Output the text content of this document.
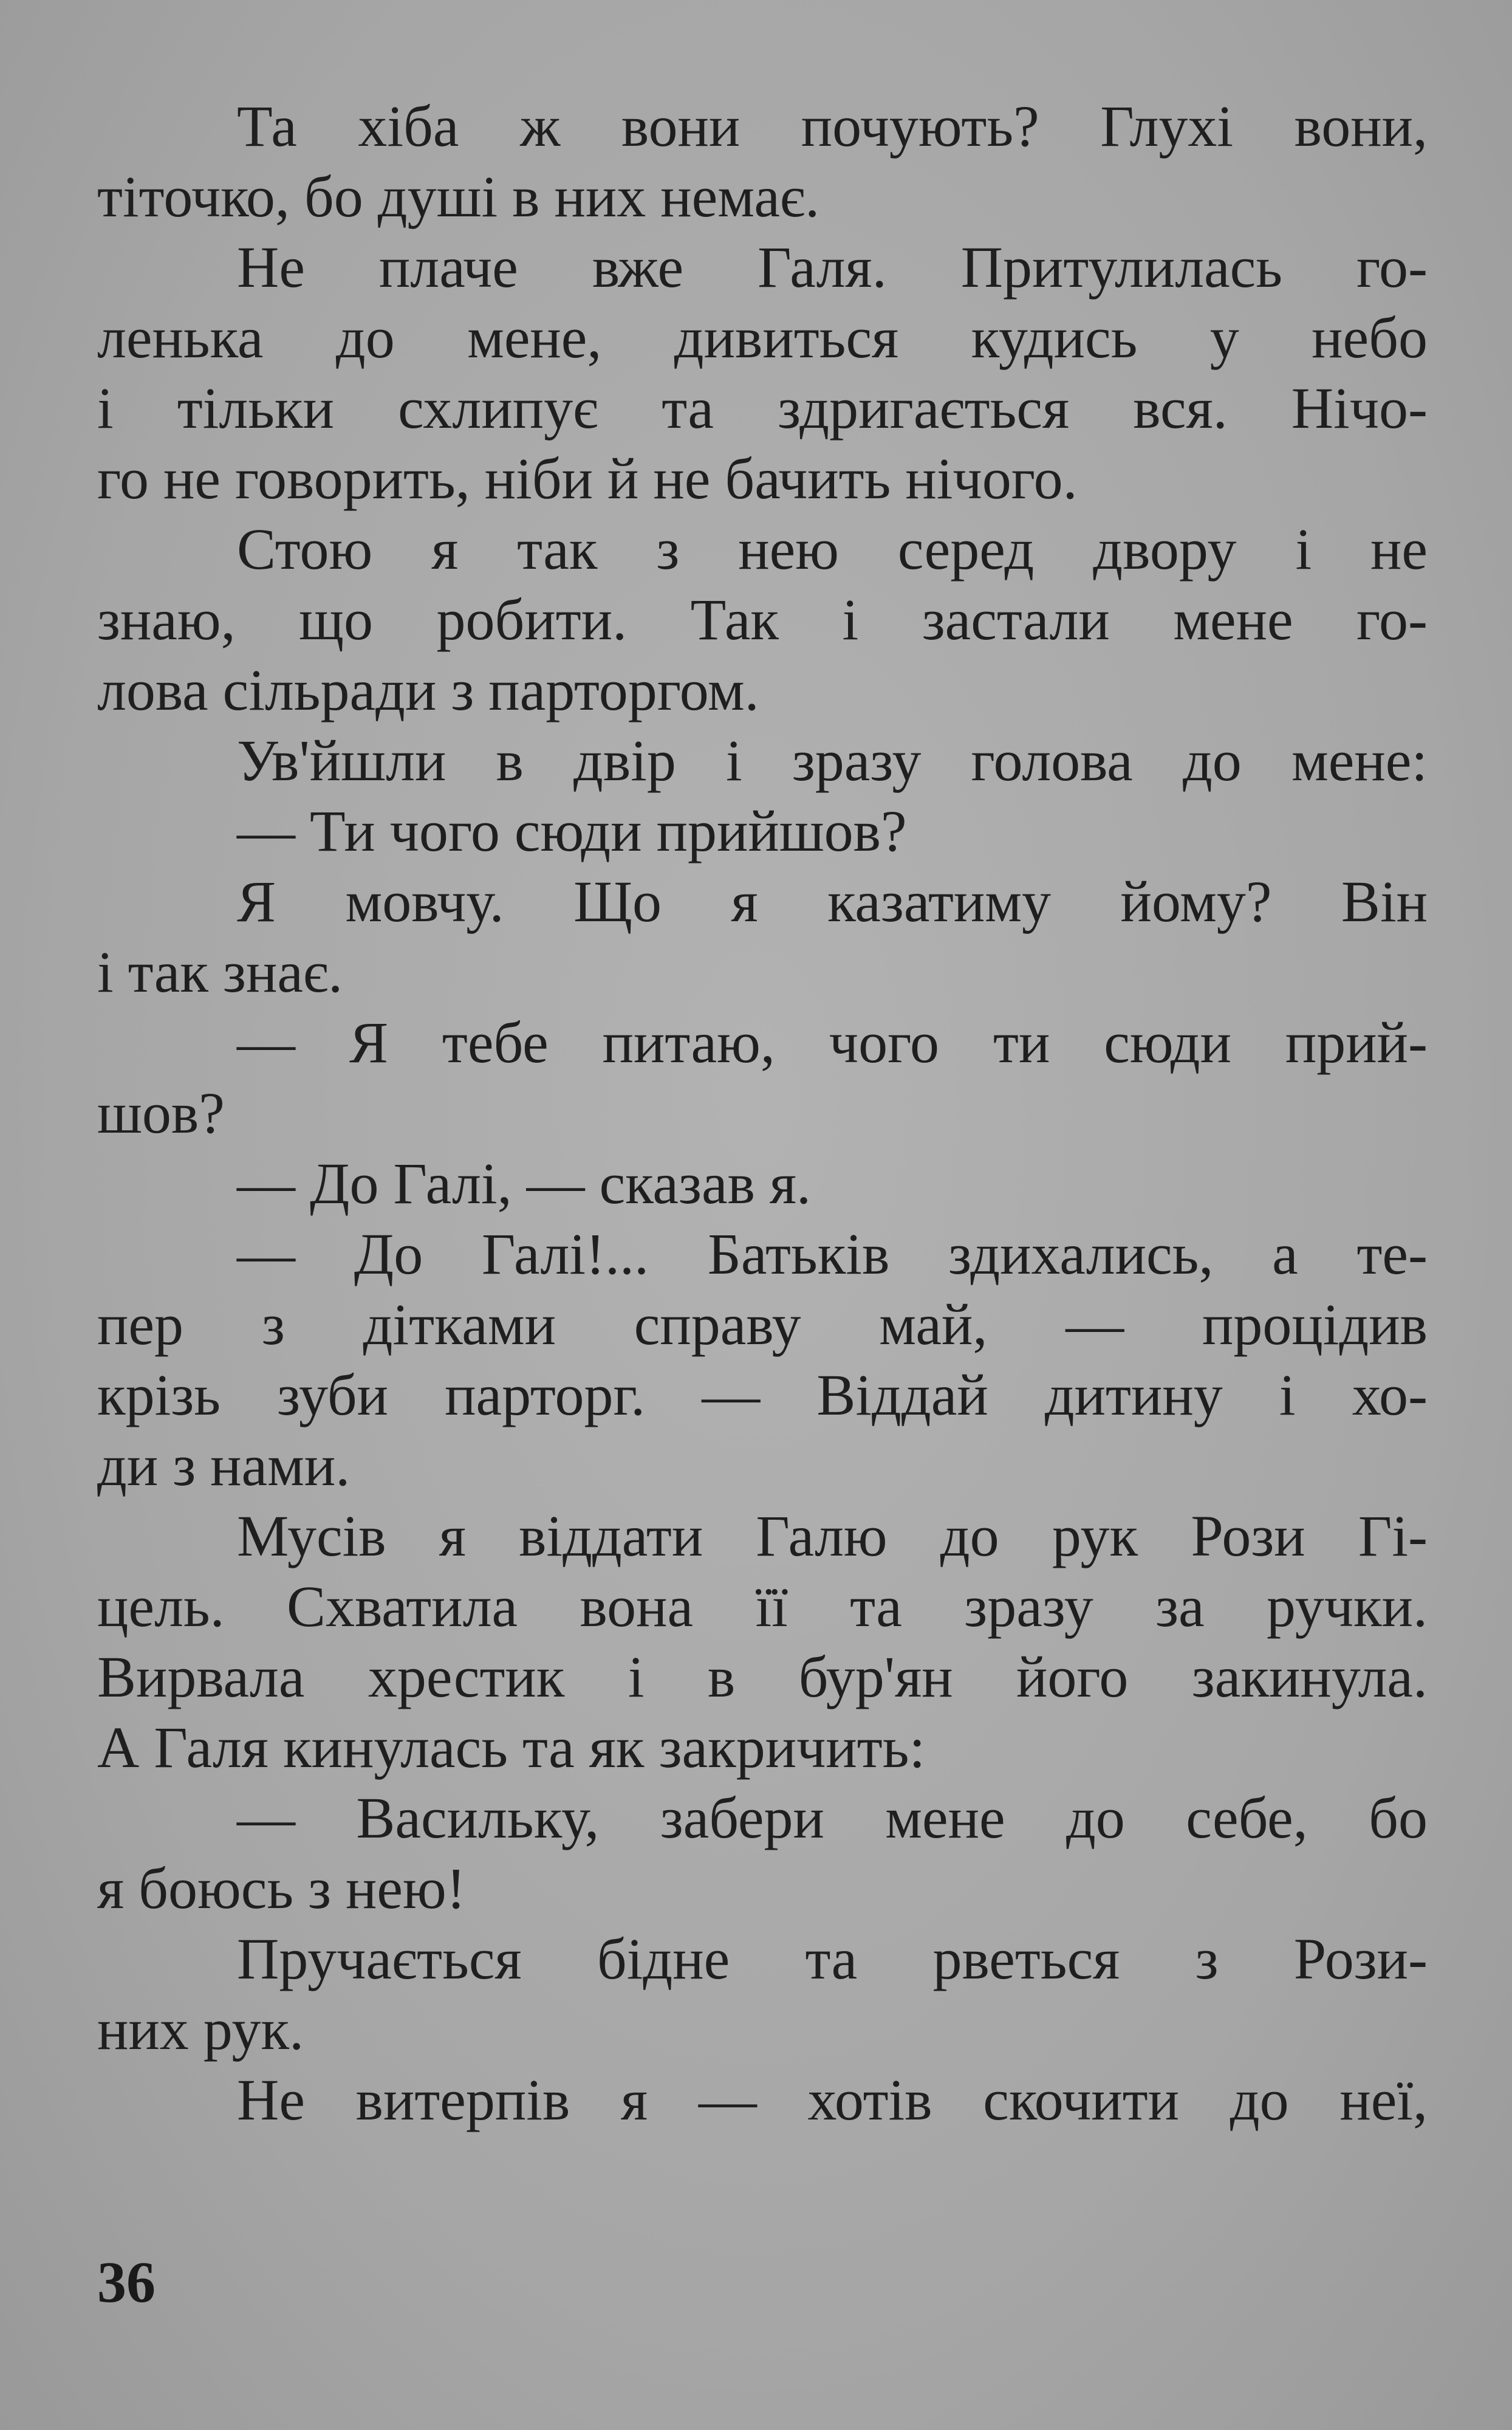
Та хіба ж вони почують? Глухі вони,
тіточко, бо душі в них немає.
Не плаче вже Галя. Притулилась го-
ленька до мене, дивиться кудись у небо
і тільки схлипує та здригається вся. Нічо-
го не говорить, ніби й не бачить нічого.
Стою я так з нею серед двору і не
знаю, що робити. Так і застали мене го-
лова сільради з парторгом.
Ув'йшли в двір і зразу голова до мене:
— Ти чого сюди прийшов?
Я мовчу. Що я казатиму йому? Він
і так знає.
— Я тебе питаю, чого ти сюди прий-
шов?
— До Галі, — сказав я.
— До Галі!... Батьків здихались, а те-
пер з дітками справу май, — процідив
крізь зуби парторг. — Віддай дитину і хо-
ди з нами.
Мусів я віддати Галю до рук Рози Гі-
цель. Схватила вона її та зразу за ручки.
Вирвала хрестик і в бур'ян його закинула.
А Галя кинулась та як закричить:
— Васильку, забери мене до себе, бо
я боюсь з нею!
Пручається бідне та рветься з Рози-
них рук.
Не витерпів я — хотів скочити до неї,
36
